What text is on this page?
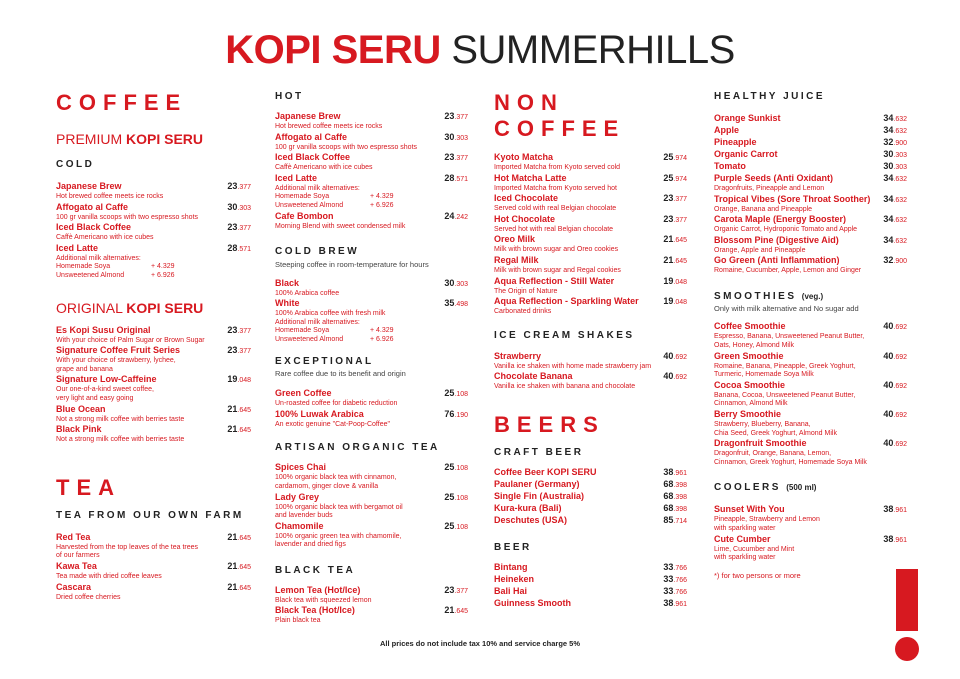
KOPI SERU SUMMERHILLS
COFFEE
PREMIUM KOPI SERU
COLD
Japanese Brew	23.377
Hot brewed coffee meets ice rocks
Affogato al Caffe	30.303
100 gr vanilla scoops with two espresso shots
Iced Black Coffee	23.377
Caffè Americano with ice cubes
Iced Latte	28.571
Additional milk alternatives:
Homemade Soya	+ 4.329
Unsweetened Almond	+ 6.926
ORIGINAL KOPI SERU
Es Kopi Susu Original	23.377
With your choice of Palm Sugar or Brown Sugar
Signature Coffee Fruit Series	23.377
With your choice of strawberry, lychee,
grape and banana
Signature Low-Caffeine	19.048
Our one-of-a-kind sweet coffee,
very light and easy going
Blue Ocean	21.645
Not a strong milk coffee with berries taste
Black Pink	21.645
Not a strong milk coffee with berries taste
TEA
TEA FROM OUR OWN FARM
Red Tea	21.645
Harvested from the top leaves of the tea trees
of our farmers
Kawa Tea	21.645
Tea made with dried coffee leaves
Cascara	21.645
Dried coffee cherries
HOT
Japanese Brew	23.377
Hot brewed coffee meets ice rocks
Affogato al Caffe	30.303
100 gr vanilla scoops with two espresso shots
Iced Black Coffee	23.377
Caffè Americano with ice cubes
Iced Latte	28.571
Additional milk alternatives:
Homemade Soya	+ 4.329
Unsweetened Almond	+ 6.926
Cafe Bombon	24.242
Morning Blend with sweet condensed milk
COLD BREW
Steeping coffee in room-temperature for hours
Black	30.303
100% Arabica coffee
White	35.498
100% Arabica coffee with fresh milk
Additional milk alternatives:
Homemade Soya	+ 4.329
Unsweetened Almond	+ 6.926
EXCEPTIONAL
Rare coffee due to its benefit and origin
Green Coffee	25.108
Un-roasted coffee for diabetic reduction
100% Luwak Arabica	76.190
An exotic genuine "Cat-Poop-Coffee"
ARTISAN ORGANIC TEA
Spices Chai	25.108
100% organic black tea with cinnamon,
cardamom, ginger clove & vanilla
Lady Grey	25.108
100% organic black tea with bergamot oil
and lavender buds
Chamomile	25.108
100% organic green tea with chamomile,
lavender and dried figs
BLACK TEA
Lemon Tea (Hot/Ice)	23.377
Black tea with squeezed lemon
Black Tea (Hot/Ice)	21.645
Plain black tea
NON COFFEE
Kyoto Matcha	25.974
Imported Matcha from Kyoto served cold
Hot Matcha Latte	25.974
Imported Matcha from Kyoto served hot
Iced Chocolate	23.377
Served cold with real Belgian chocolate
Hot Chocolate	23.377
Served hot with real Belgian chocolate
Oreo Milk	21.645
Milk with brown sugar and Oreo cookies
Regal Milk	21.645
Milk with brown sugar and Regal cookies
Aqua Reflection - Still Water	19.048
The Origin of Nature
Aqua Reflection - Sparkling Water	19.048
Carbonated drinks
ICE CREAM SHAKES
Strawberry	40.692
Vanilla ice shaken with home made strawberry jam
Chocolate Banana	40.692
Vanilla ice shaken with banana and chocolate
BEERS
CRAFT BEER
Coffee Beer KOPI SERU	38.961
Paulaner (Germany)	68.398
Single Fin (Australia)	68.398
Kura-kura (Bali)	68.398
Deschutes (USA)	85.714
BEER
Bintang	33.766
Heineken	33.766
Bali Hai	33.766
Guinness Smooth	38.961
HEALTHY JUICE
Orange Sunkist	34.632
Apple	34.632
Pineapple	32.900
Organic Carrot	30.303
Tomato	30.303
Purple Seeds (Anti Oxidant)	34.632
Dragonfruits, Pineapple and Lemon
Tropical Vibes (Sore Throat Soother) 34.632
Orange, Banana and Pineapple
Carota Maple (Energy Booster)	34.632
Organic Carrot, Hydroponic Tomato and Apple
Blossom Pine (Digestive Aid)	34.632
Orange, Apple and Pineapple
Go Green (Anti Inflammation)	32.900
Romaine, Cucumber, Apple, Lemon and Ginger
SMOOTHIES (veg.)
Only with milk alternative and No sugar add
Coffee Smoothie	40.692
Espresso, Banana, Unsweetened Peanut Butter,
Oats, Honey, Almond Milk
Green Smoothie	40.692
Romaine, Banana, Pineapple, Greek Yoghurt,
Turmeric, Homemade Soya Milk
Cocoa Smoothie	40.692
Banana, Cocoa, Unsweetened Peanut Butter,
Cinnamon, Almond Milk
Berry Smoothie	40.692
Strawberry, Blueberry, Banana,
Chia Seed, Greek Yoghurt, Almond Milk
Dragonfruit Smoothie	40.692
Dragonfruit, Orange, Banana, Lemon,
Cinnamon, Greek Yoghurt, Homemade Soya Milk
COOLERS (500 ml)
Sunset With You	38.961
Pineapple, Strawberry and Lemon
with sparkling water
Cute Cumber	38.961
Lime, Cucumber and Mint
with sparkling water
*) for two persons or more
All prices do not include tax 10% and service charge 5%
